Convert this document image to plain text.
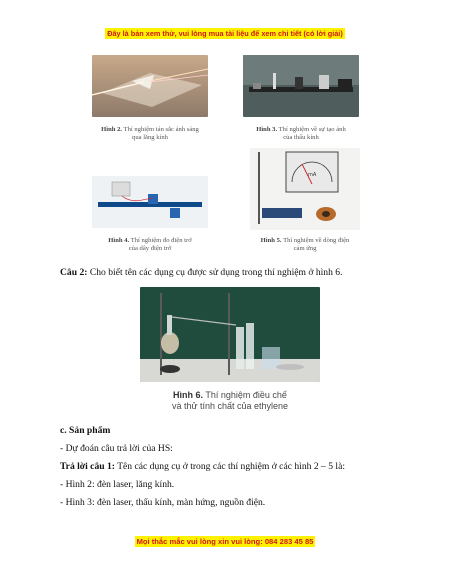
Đây là bản xem thử, vui lòng mua tài liệu để xem chi tiết (có lời giải)
Hình 2. Thí nghiệm tán sắc ánh sáng
qua lăng kính
Hình 3. Thí nghiệm về sự tạo ảnh
của thấu kính
Hình 4. Thí nghiệm đo điện trở
của dây điện trở
mA
Hình 5. Thí nghiệm về dòng điện
cảm ứng
Câu 2: Cho biết tên các dụng cụ được sử dụng trong thí nghiệm ở hình 6.
Hình 6. Thí nghiệm điều chế
và thử tính chất của ethylene
c. Sản phẩm
- Dự đoán câu trả lời của HS:
Trả lời câu 1: Tên các dụng cụ ở trong các thí nghiệm ở các hình 2 – 5 là:
- Hình 2: đèn laser, lăng kính.
- Hình 3: đèn laser, thấu kính, màn hứng, nguồn điện.
Mọi thắc mắc vui lòng xin vui lòng: 084 283 45 85
